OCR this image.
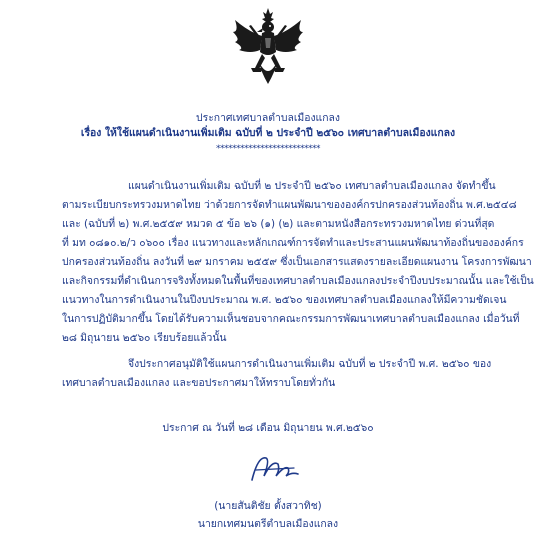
ประกาศเทศบาลตำบลเมืองแกลง
เรื่อง ให้ใช้แผนดำเนินงานเพิ่มเติม ฉบับที่ ๒ ประจำปี ๒๕๖๐ เทศบาลตำบลเมืองแกลง
**************************
แผนดำเนินงานเพิ่มเติม ฉบับที่ ๒ ประจำปี ๒๕๖๐ เทศบาลตำบลเมืองแกลง จัดทำขึ้น
ตามระเบียบกระทรวงมหาดไทย ว่าด้วยการจัดทำแผนพัฒนาขององค์กรปกครองส่วนท้องถิ่น พ.ศ.๒๕๔๘
และ (ฉบับที่ ๒) พ.ศ.๒๕๕๙ หมวด ๕ ข้อ ๒๖ (๑) (๒) และตามหนังสือกระทรวงมหาดไทย ด่วนที่สุด
ที่ มท ๐๘๑๐.๒/ว ๐๖๐๐ เรื่อง แนวทางและหลักเกณฑ์การจัดทำและประสานแผนพัฒนาท้องถิ่นขององค์กร
ปกครองส่วนท้องถิ่น ลงวันที่ ๒๙ มกราคม ๒๕๕๙ ซึ่งเป็นเอกสารแสดงรายละเอียดแผนงาน โครงการพัฒนา
และกิจกรรมที่ดำเนินการจริงทั้งหมดในพื้นที่ของเทศบาลตำบลเมืองแกลงประจำปีงบประมาณนั้น และใช้เป็น
แนวทางในการดำเนินงานในปีงบประมาณ พ.ศ. ๒๕๖๐ ของเทศบาลตำบลเมืองแกลงให้มีความชัดเจน
ในการปฏิบัติมากขึ้น โดยได้รับความเห็นชอบจากคณะกรรมการพัฒนาเทศบาลตำบลเมืองแกลง เมื่อวันที่
๒๘ มิถุนายน ๒๕๖๐ เรียบร้อยแล้วนั้น
จึงประกาศอนุมัติใช้แผนการดำเนินงานเพิ่มเติม ฉบับที่ ๒ ประจำปี พ.ศ. ๒๕๖๐ ของ
เทศบาลตำบลเมืองแกลง และขอประกาศมาให้ทราบโดยทั่วกัน
ประกาศ ณ วันที่ ๒๘ เดือน มิถุนายน พ.ศ.๒๕๖๐
(นายสันติชัย ตั้งสวาทิช)
นายกเทศมนตรีตำบลเมืองแกลง
